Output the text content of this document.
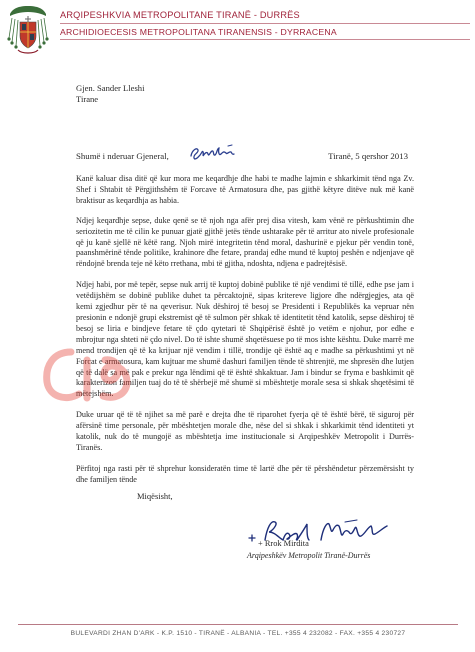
ARQIPESHKVIA METROPOLITANE TIRANË - DURRËS
ARCHIDIOECESIS METROPOLITANA TIRANENSIS - DYRRACENA
Gjen. Sander Lleshi
Tirane
Shumë i nderuar Gjeneral,	Tiranë, 5 qershor 2013

Kanë kaluar disa ditë që kur mora me keqardhje dhe habi te madhe lajmin e shkarkimit tënd nga Zv. Shef i Shtabit të Përgjithshëm të Forcave të Armatosura dhe, pas gjithë këtyre ditëve nuk më kanë braktisur as keqardhja as habia.

Ndjej keqardhje sepse, duke qenë se të njoh nga afër prej disa vitesh, kam vënë re përkushtimin dhe seriozitetin me të cilin ke punuar gjatë gjithë jetës tënde ushtarake për të arritur ato nivele profesionale që ju kanë sjellë në këtë rang. Njoh mirë integritetin tënd moral, dashurinë e pjekur për vendin tonë, paanshmërinë tënde politike, krahinore dhe fetare, prandaj edhe mund të kuptoj peshën e ndjenjave që rëndojnë brenda teje në këto rrethana, mbi të gjitha, ndoshta, ndjena e padrejtësisë.

Ndjej habi, por më tepër, sepse nuk arrij të kuptoj dobinë publike të një vendimi të tillë, edhe pse jam i vetëdijshëm se dobinë publike duhet ta përcaktojnë, sipas kritereve ligjore dhe ndërgjegjes, ata që kemi zgjedhur për të na qeverisur. Nuk dëshiroj të besoj se Presidenti i Republikës ka vepruar nën presionin e ndonjë grupi ekstremist që të sulmon për shkak të identitetit tënd katolik, sepse dëshiroj të besoj se liria e bindjeve fetare të çdo qytetari të Shqipërisë është jo vetëm e njohur, por edhe e mbrojtur nga shteti në çdo nivel. Do të ishte shumë shqetësuese po të mos ishte kështu. Duke marrë me mend trondijen që të ka krijuar një vendim i tillë, trondije që është aq e madhe sa përkushtimi yt në Forcat e armatosura, kam kujtuar me shumë dashuri familjen tënde të shtrenjtë, me shpresën dhe lutjen që të dalë sa më pak e prekur nga lëndimi që të është shkaktuar. Jam i bindur se fryma e bashkimit që karakterizon familjen tuaj do të të shërbejë më shumë si mbështetje morale sesa si shkak shqetësimi të mëtejshëm.

Duke uruar që të të njihet sa më parë e drejta dhe të riparohet fyerja që të është bërë, të siguroj për afërsinë time personale, për mbështetjen morale dhe, nëse del si shkak i shkarkimit tënd identiteti yt katolik, nuk do të mungojë as mbështetja ime institucionale si Arqipeshkëv Metropolit i Durrës-Tiranës.

Përfitoj nga rasti për të shprehur konsideratën time të lartë dhe për të përshëndetur përzemërsisht ty dhe familjen tënde

Miqësisht,
+ Rrok Mirdita
Arqipeshkëv Metropolit Tiranë-Durrës
BULEVARDI ZHAN D'ARK - K.P. 1510 - TIRANË - ALBANIA - TEL. +355 4 232082 - FAX. +355 4 230727
